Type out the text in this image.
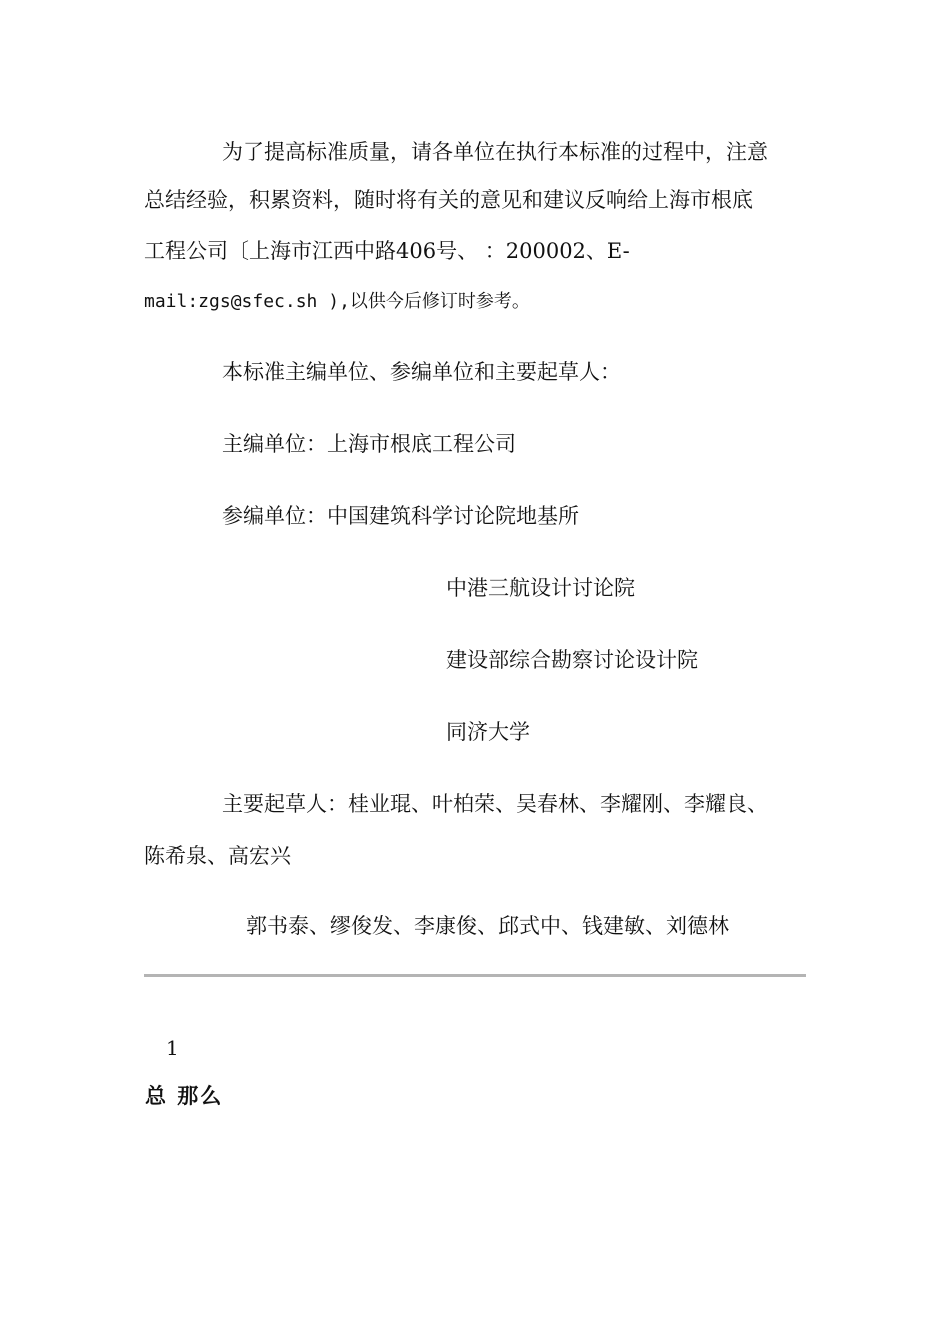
为了提高标准质量，请各单位在执行本标准的过程中，注意
总结经验，积累资料，随时将有关的意见和建议反响给上海市根底
工程公司〔上海市江西中路406号、 ：200002、E-
mail:zgs@sfec.sh ),以供今后修订时参考。
本标准主编单位、参编单位和主要起草人：
主编单位：上海市根底工程公司
参编单位：中国建筑科学讨论院地基所
中港三航设计讨论院
建设部综合勘察讨论设计院
同济大学
主要起草人：桂业琨、叶柏荣、吴春林、李耀刚、李耀良、
陈希泉、高宏兴
郭书泰、缪俊发、李康俊、邱式中、钱建敏、刘德林
1
总 那么
